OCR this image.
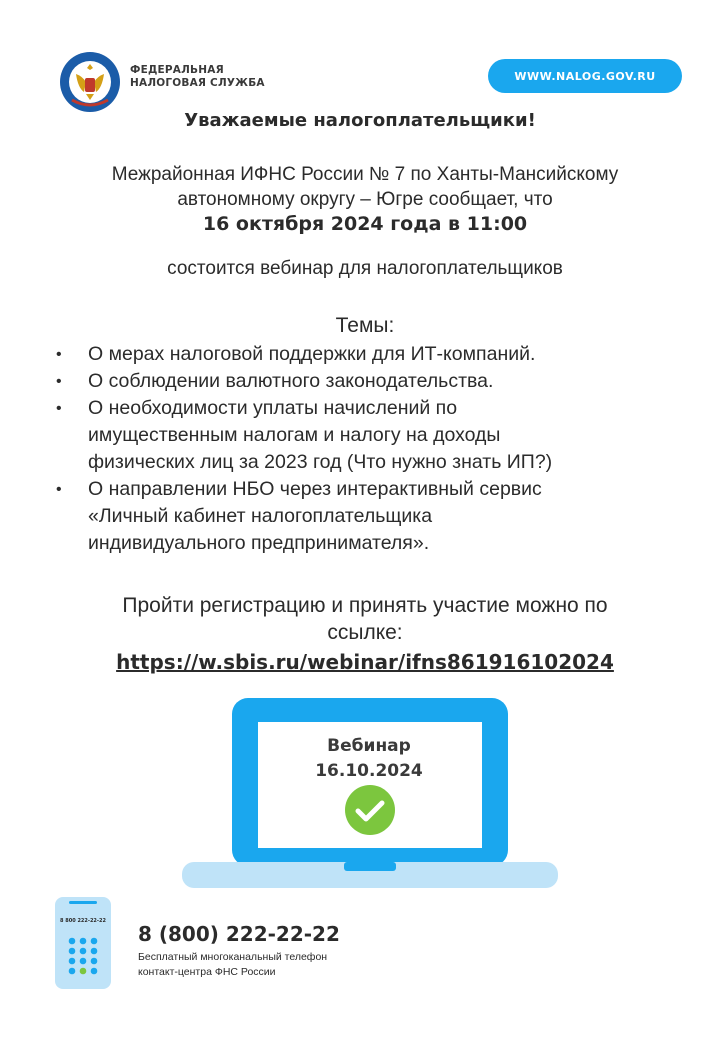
ФЕДЕРАЛЬНАЯ
НАЛОГОВАЯ СЛУЖБА
WWW.NALOG.GOV.RU
Уважаемые налогоплательщики!

Межрайонная ИФНС России № 7 по Ханты-Мансийскому

автономному округу – Югре сообщает, что

16 октября 2024 года в 11:00

состоится вебинар для налогоплательщиков
Темы:
• О мерах налоговой поддержки для ИТ-компаний.
• О соблюдении валютного законодательства.
• О необходимости уплаты начислений по
имущественным налогам и налогу на доходы
физических лиц за 2023 год (Что нужно знать ИП?)
• О направлении НБО через интерактивный сервис
«Личный кабинет налогоплательщика
индивидуального предпринимателя».

Пройти регистрацию и принять участие можно по

ссылке:

https://w.sbis.ru/webinar/ifns861916102024
Вебинар
16.10.2024
8 800 222-22-22
8 (800) 222-22-22
Бесплатный многоканальный телефон
контакт-центра ФНС России
